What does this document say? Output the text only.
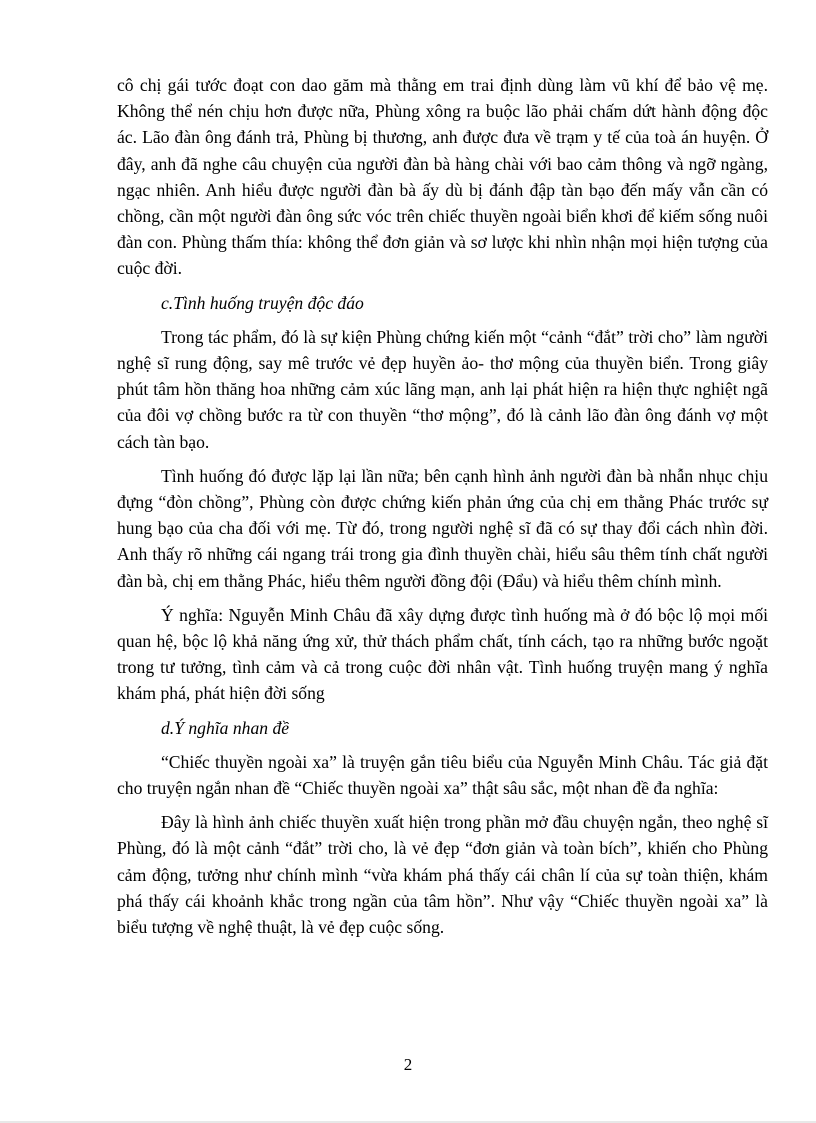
cô chị gái tước đoạt con dao găm mà thằng em trai định dùng làm vũ khí để bảo vệ mẹ. Không thể nén chịu hơn được nữa, Phùng xông ra buộc lão phải chấm dứt hành động độc ác. Lão đàn ông đánh trả, Phùng bị thương, anh được đưa về trạm y tế của toà án huyện. Ở đây, anh đã nghe câu chuyện của người đàn bà hàng chài với bao cảm thông và ngỡ ngàng, ngạc nhiên. Anh hiểu được người đàn bà ấy dù bị đánh đập tàn bạo đến mấy vẫn cần có chồng, cần một người đàn ông sức vóc trên chiếc thuyền ngoài biển khơi để kiếm sống nuôi đàn con. Phùng thấm thía: không thể đơn giản và sơ lược khi nhìn nhận mọi hiện tượng của cuộc đời.

c.Tình huống truyện độc đáo

Trong tác phẩm, đó là sự kiện Phùng chứng kiến một “cảnh “đắt” trời cho” làm người nghệ sĩ rung động, say mê trước vẻ đẹp huyền ảo- thơ mộng của thuyền biển. Trong giây phút tâm hồn thăng hoa những cảm xúc lãng mạn, anh lại phát hiện ra hiện thực nghiệt ngã của đôi vợ chồng bước ra từ con thuyền “thơ mộng”, đó là cảnh lão đàn ông đánh vợ một cách tàn bạo.

Tình huống đó được lặp lại lần nữa; bên cạnh hình ảnh người đàn bà nhẫn nhục chịu đựng “đòn chồng”, Phùng còn được chứng kiến phản ứng của chị em thằng Phác trước sự hung bạo của cha đối với mẹ. Từ đó, trong người nghệ sĩ đã có sự thay đổi cách nhìn đời. Anh thấy rõ những cái ngang trái trong gia đình thuyền chài, hiểu sâu thêm tính chất người đàn bà, chị em thằng Phác, hiểu thêm người đồng đội (Đẩu) và hiểu thêm chính mình.

Ý nghĩa: Nguyễn Minh Châu đã xây dựng được tình huống mà ở đó bộc lộ mọi mối quan hệ, bộc lộ khả năng ứng xử, thử thách phẩm chất, tính cách, tạo ra những bước ngoặt trong tư tưởng, tình cảm và cả trong cuộc đời nhân vật. Tình huống truyện mang ý nghĩa khám phá, phát hiện đời sống

d.Ý nghĩa nhan đề

“Chiếc thuyền ngoài xa” là truyện gắn tiêu biểu của Nguyễn Minh Châu. Tác giả đặt cho truyện ngắn nhan đề “Chiếc thuyền ngoài xa” thật sâu sắc, một nhan đề đa nghĩa:

Đây là hình ảnh chiếc thuyền xuất hiện trong phần mở đầu chuyện ngắn, theo nghệ sĩ Phùng, đó là một cảnh “đắt” trời cho, là vẻ đẹp “đơn giản và toàn bích”, khiến cho Phùng cảm động, tưởng như chính mình “vừa khám phá thấy cái chân lí của sự toàn thiện, khám phá thấy cái khoảnh khắc trong ngần của tâm hồn”. Như vậy “Chiếc thuyền ngoài xa” là biểu tượng về nghệ thuật, là vẻ đẹp cuộc sống.

2
